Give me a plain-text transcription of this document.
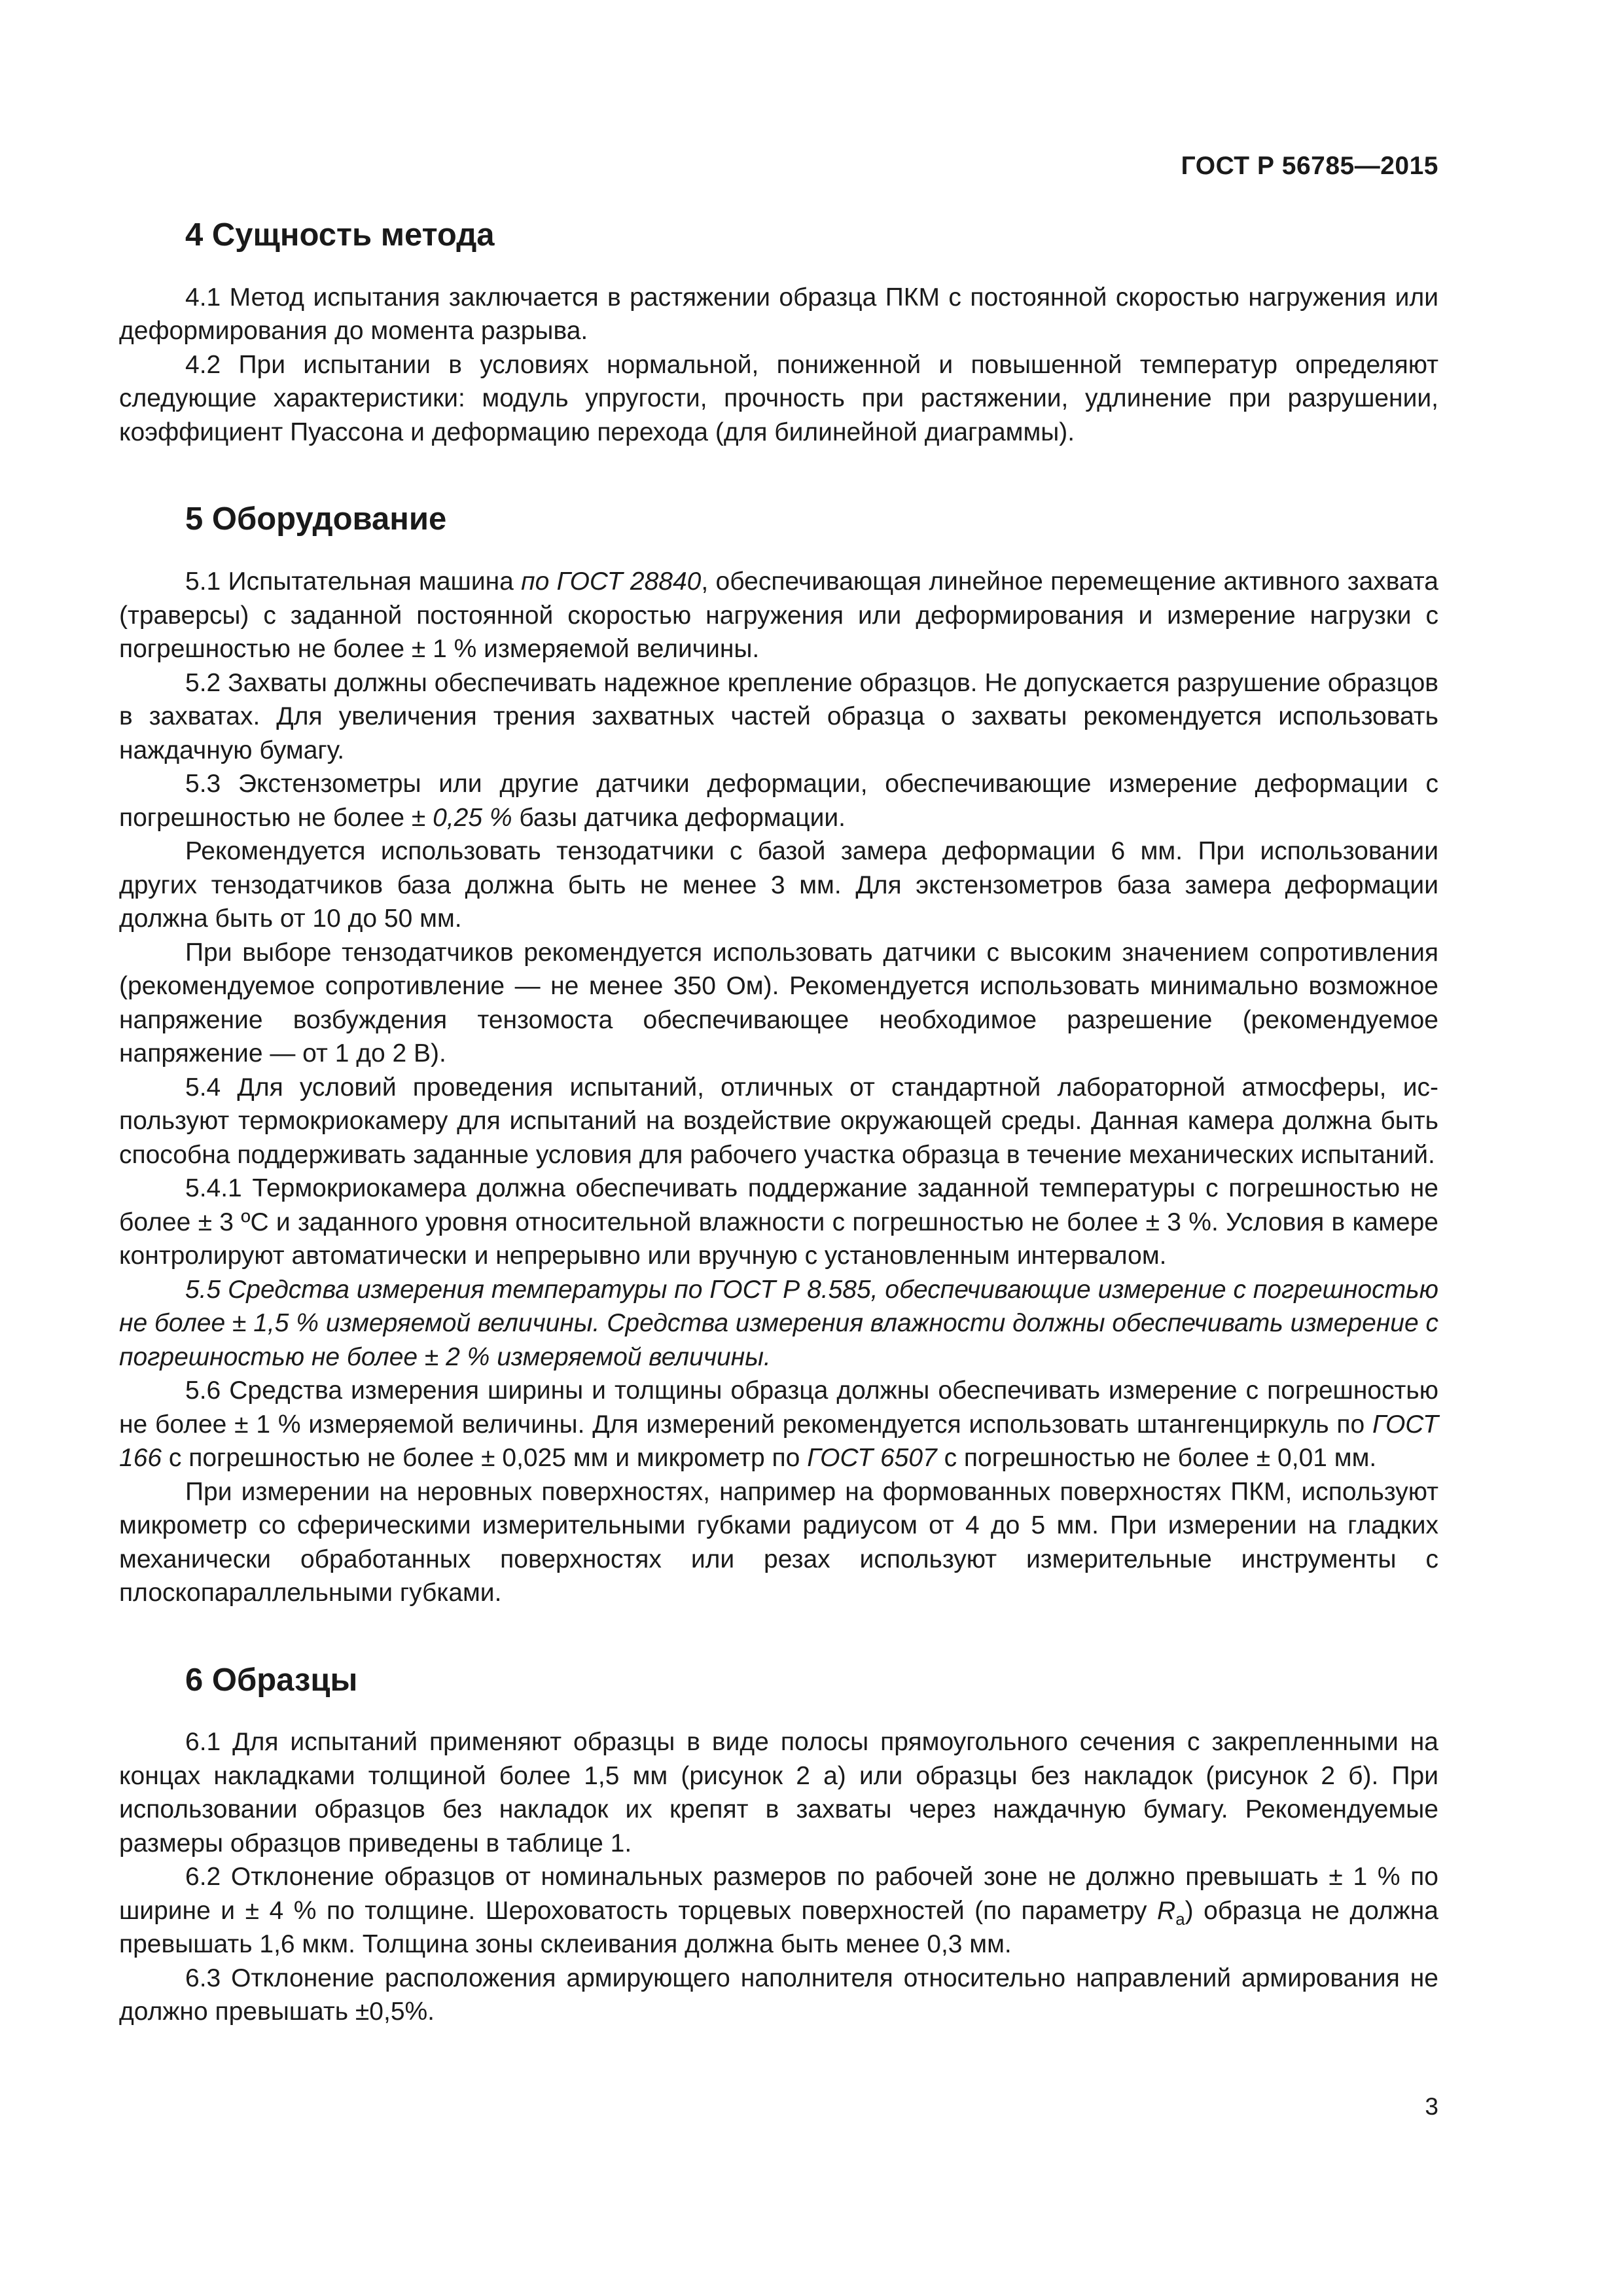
ГОСТ Р 56785—2015
4 Сущность метода

4.1 Метод испытания заключается в растяжении образца ПКМ с постоянной скоростью нагружения или деформирования до момента разрыва.

4.2 При испытании в условиях нормальной, пониженной и повышенной температур определяют следующие характеристики: модуль упругости, прочность при растяжении, удлинение при разрушении, коэффициент Пуассона и деформацию перехода (для билинейной диаграммы).

5 Оборудование

5.1 Испытательная машина по ГОСТ 28840, обеспечивающая линейное перемещение активного захвата (траверсы) с заданной постоянной скоростью нагружения или деформирования и измерение нагрузки с погрешностью не более ± 1 % измеряемой величины.

5.2 Захваты должны обеспечивать надежное крепление образцов. Не допускается разрушение образцов в захватах. Для увеличения трения захватных частей образца о захваты рекомендуется использовать наждачную бумагу.

5.3 Экстензометры или другие датчики деформации, обеспечивающие измерение деформации с погрешностью не более ± 0,25 % базы датчика деформации.

Рекомендуется использовать тензодатчики с базой замера деформации 6 мм. При использовании других тензодатчиков база должна быть не менее 3 мм. Для экстензометров база замера деформации должна быть от 10 до 50 мм.

При выборе тензодатчиков рекомендуется использовать датчики с высоким значением сопротивления (рекомендуемое сопротивление — не менее 350 Ом). Рекомендуется использовать минимально возможное напряжение возбуждения тензомоста обеспечивающее необходимое разрешение (рекомендуемое напряжение — от 1 до 2 В).

5.4 Для условий проведения испытаний, отличных от стандартной лабораторной атмосферы, используют термокриокамеру для испытаний на воздействие окружающей среды. Данная камера должна быть способна поддерживать заданные условия для рабочего участка образца в течение механических испытаний.

5.4.1 Термокриокамера должна обеспечивать поддержание заданной температуры с погрешностью не более ± 3 ºС и заданного уровня относительной влажности с погрешностью не более ± 3 %. Условия в камере контролируют автоматически и непрерывно или вручную с установленным интервалом.

5.5 Средства измерения температуры по ГОСТ Р 8.585, обеспечивающие измерение с погрешностью не более ± 1,5 % измеряемой величины. Средства измерения влажности должны обеспечивать измерение с погрешностью не более ± 2 % измеряемой величины.

5.6 Средства измерения ширины и толщины образца должны обеспечивать измерение с погрешностью не более ± 1 % измеряемой величины. Для измерений рекомендуется использовать штангенциркуль по ГОСТ 166 с погрешностью не более ± 0,025 мм и микрометр по ГОСТ 6507 с погрешностью не более ± 0,01 мм.

При измерении на неровных поверхностях, например на формованных поверхностях ПКМ, используют микрометр со сферическими измерительными губками радиусом от 4 до 5 мм. При измерении на гладких механически обработанных поверхностях или резах используют измерительные инструменты с плоскопараллельными губками.

6 Образцы

6.1 Для испытаний применяют образцы в виде полосы прямоугольного сечения с закрепленными на концах накладками толщиной более 1,5 мм (рисунок 2 а) или образцы без накладок (рисунок 2 б). При использовании образцов без накладок их крепят в захваты через наждачную бумагу. Рекомендуемые размеры образцов приведены в таблице 1.

6.2 Отклонение образцов от номинальных размеров по рабочей зоне не должно превышать ± 1 % по ширине и ± 4 % по толщине. Шероховатость торцевых поверхностей (по параметру $R_a$) образца не должна превышать 1,6 мкм. Толщина зоны склеивания должна быть менее 0,3 мм.

6.3 Отклонение расположения армирующего наполнителя относительно направлений армирования не должно превышать ±0,5%.

3
